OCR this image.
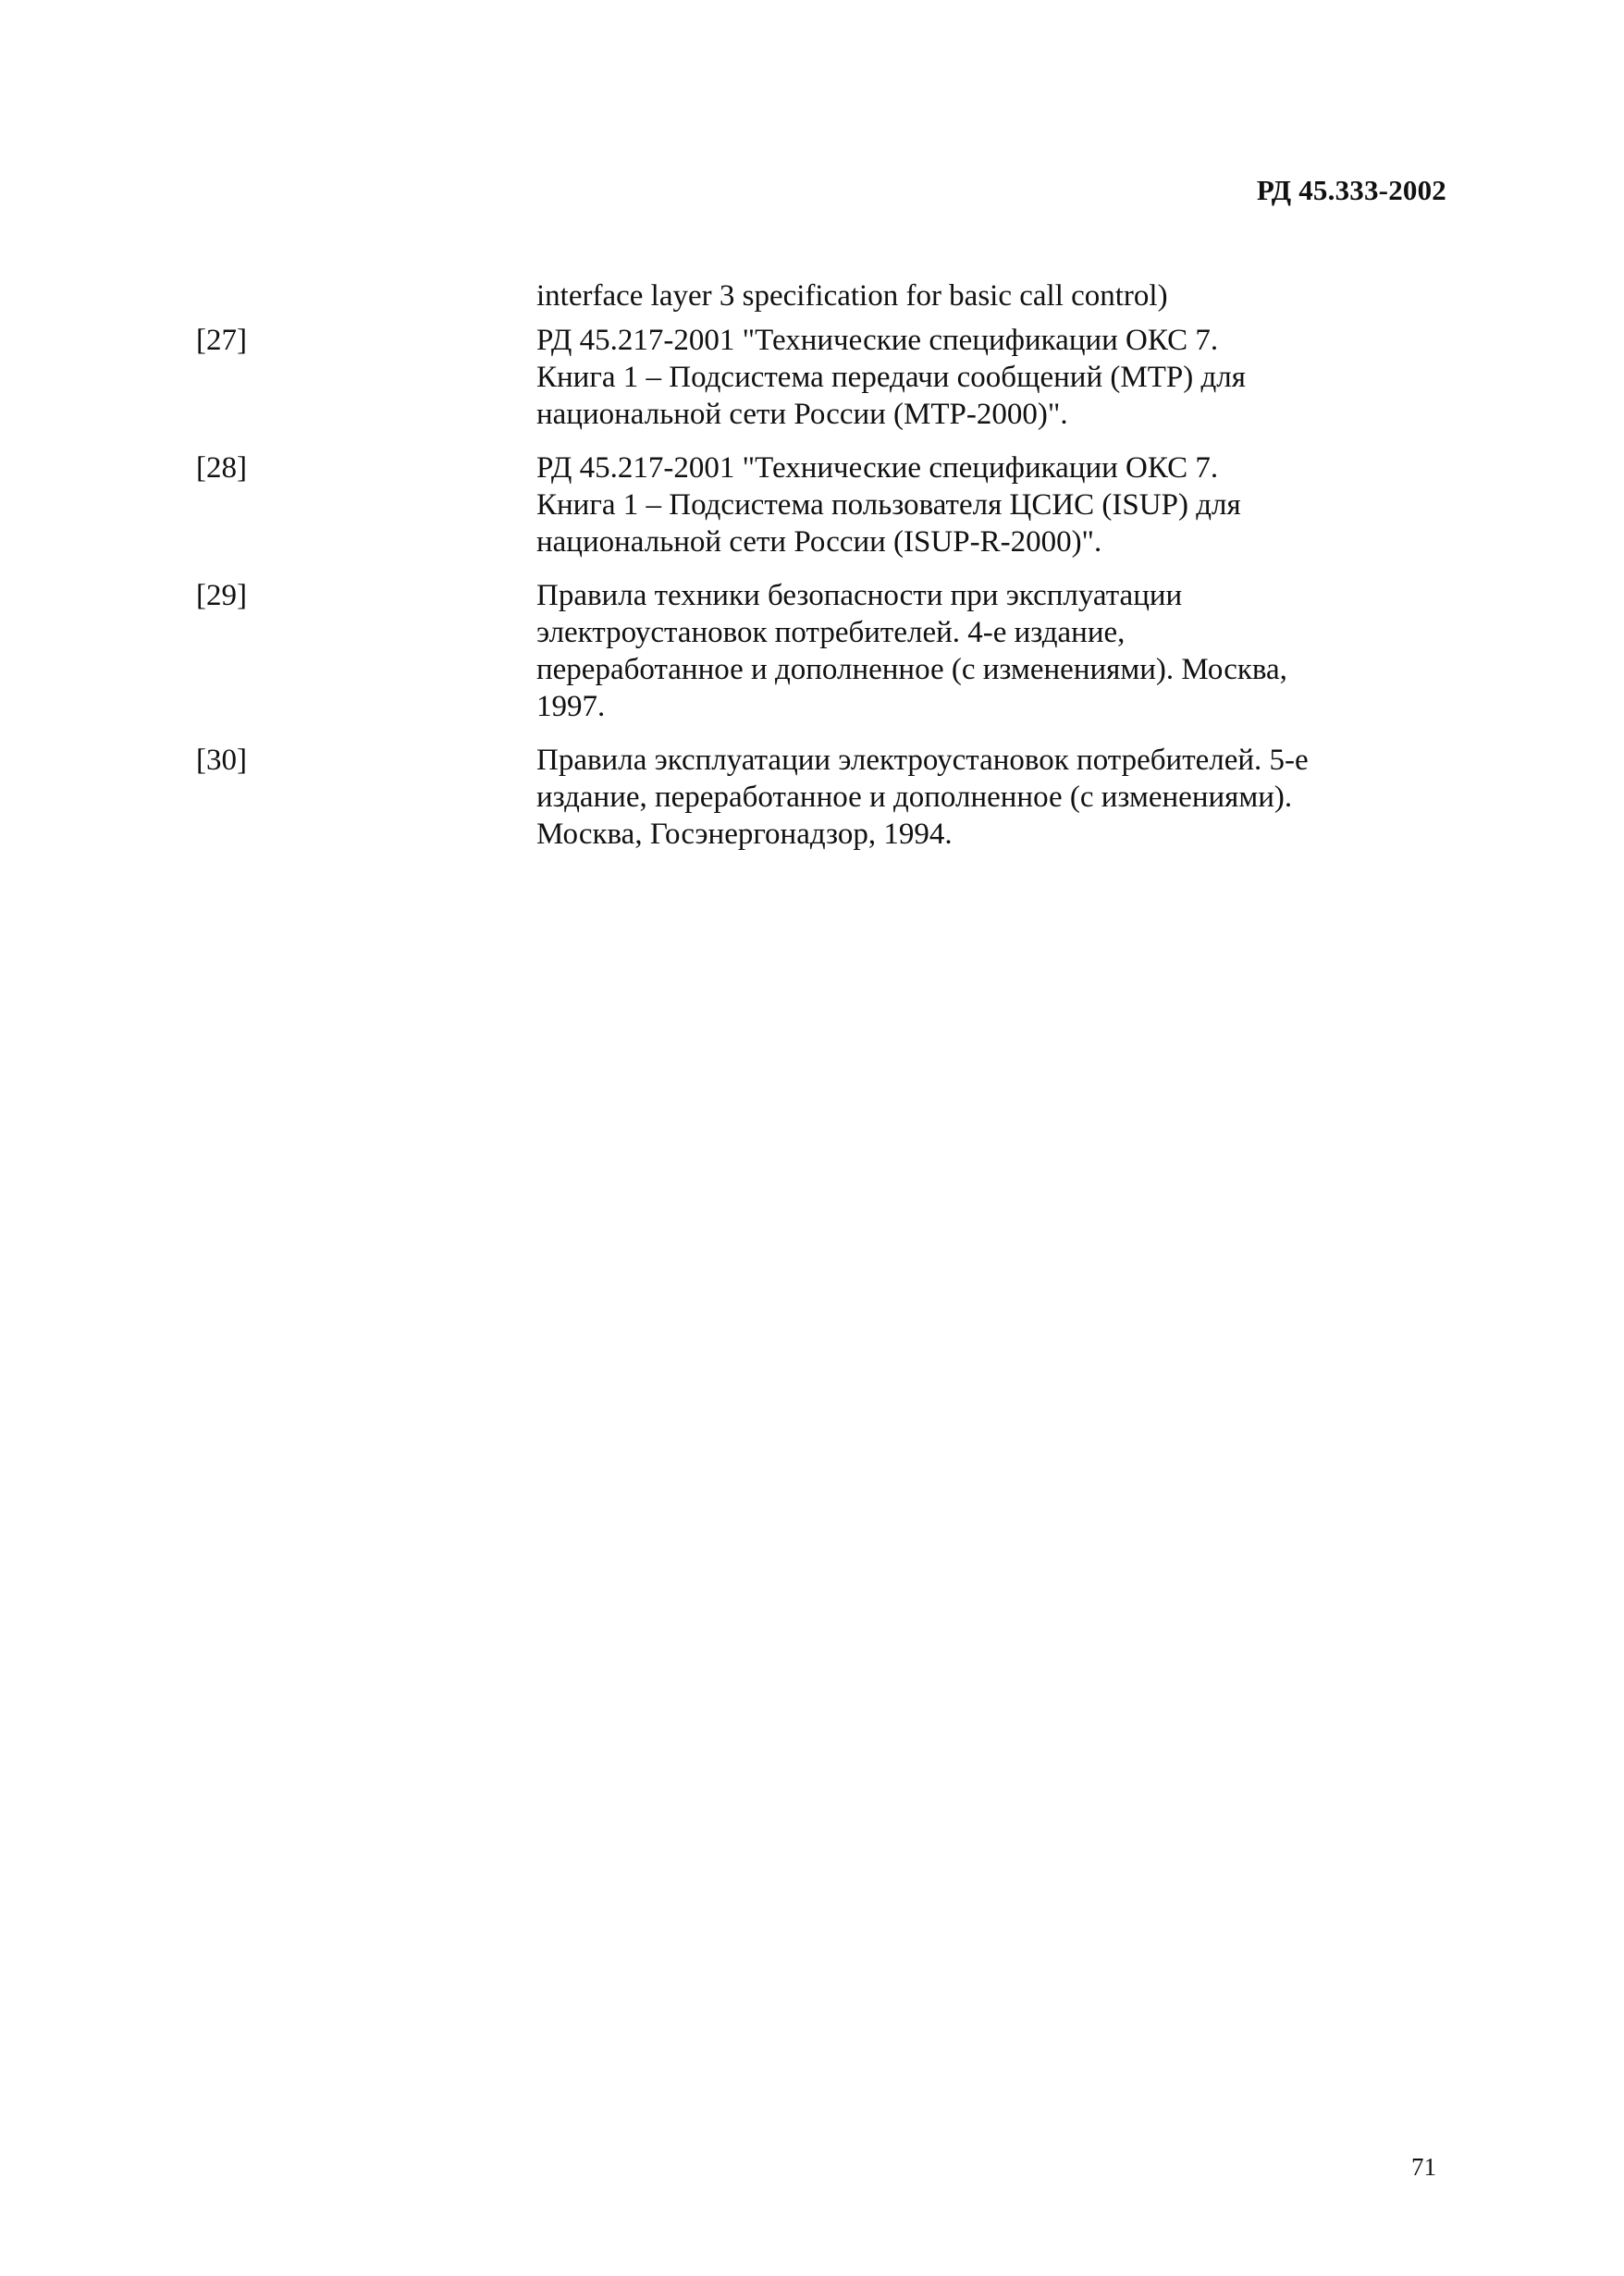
РД 45.333-2002
interface layer 3 specification for basic call control)
[27]	РД 45.217-2001 "Технические спецификации ОКС 7.
Книга 1 – Подсистема передачи сообщений (МТР) для
национальной сети России (МТР-2000)".
[28]	РД 45.217-2001 "Технические спецификации ОКС 7.
Книга 1 – Подсистема пользователя ЦСИС (ISUP) для
национальной сети России (ISUP-R-2000)".
[29]	Правила техники безопасности при эксплуатации
электроустановок потребителей. 4-е издание,
переработанное и дополненное (с изменениями). Москва,
1997.
[30]	Правила эксплуатации электроустановок потребителей. 5-е
издание, переработанное и дополненное (с изменениями).
Москва, Госэнергонадзор, 1994.
71
